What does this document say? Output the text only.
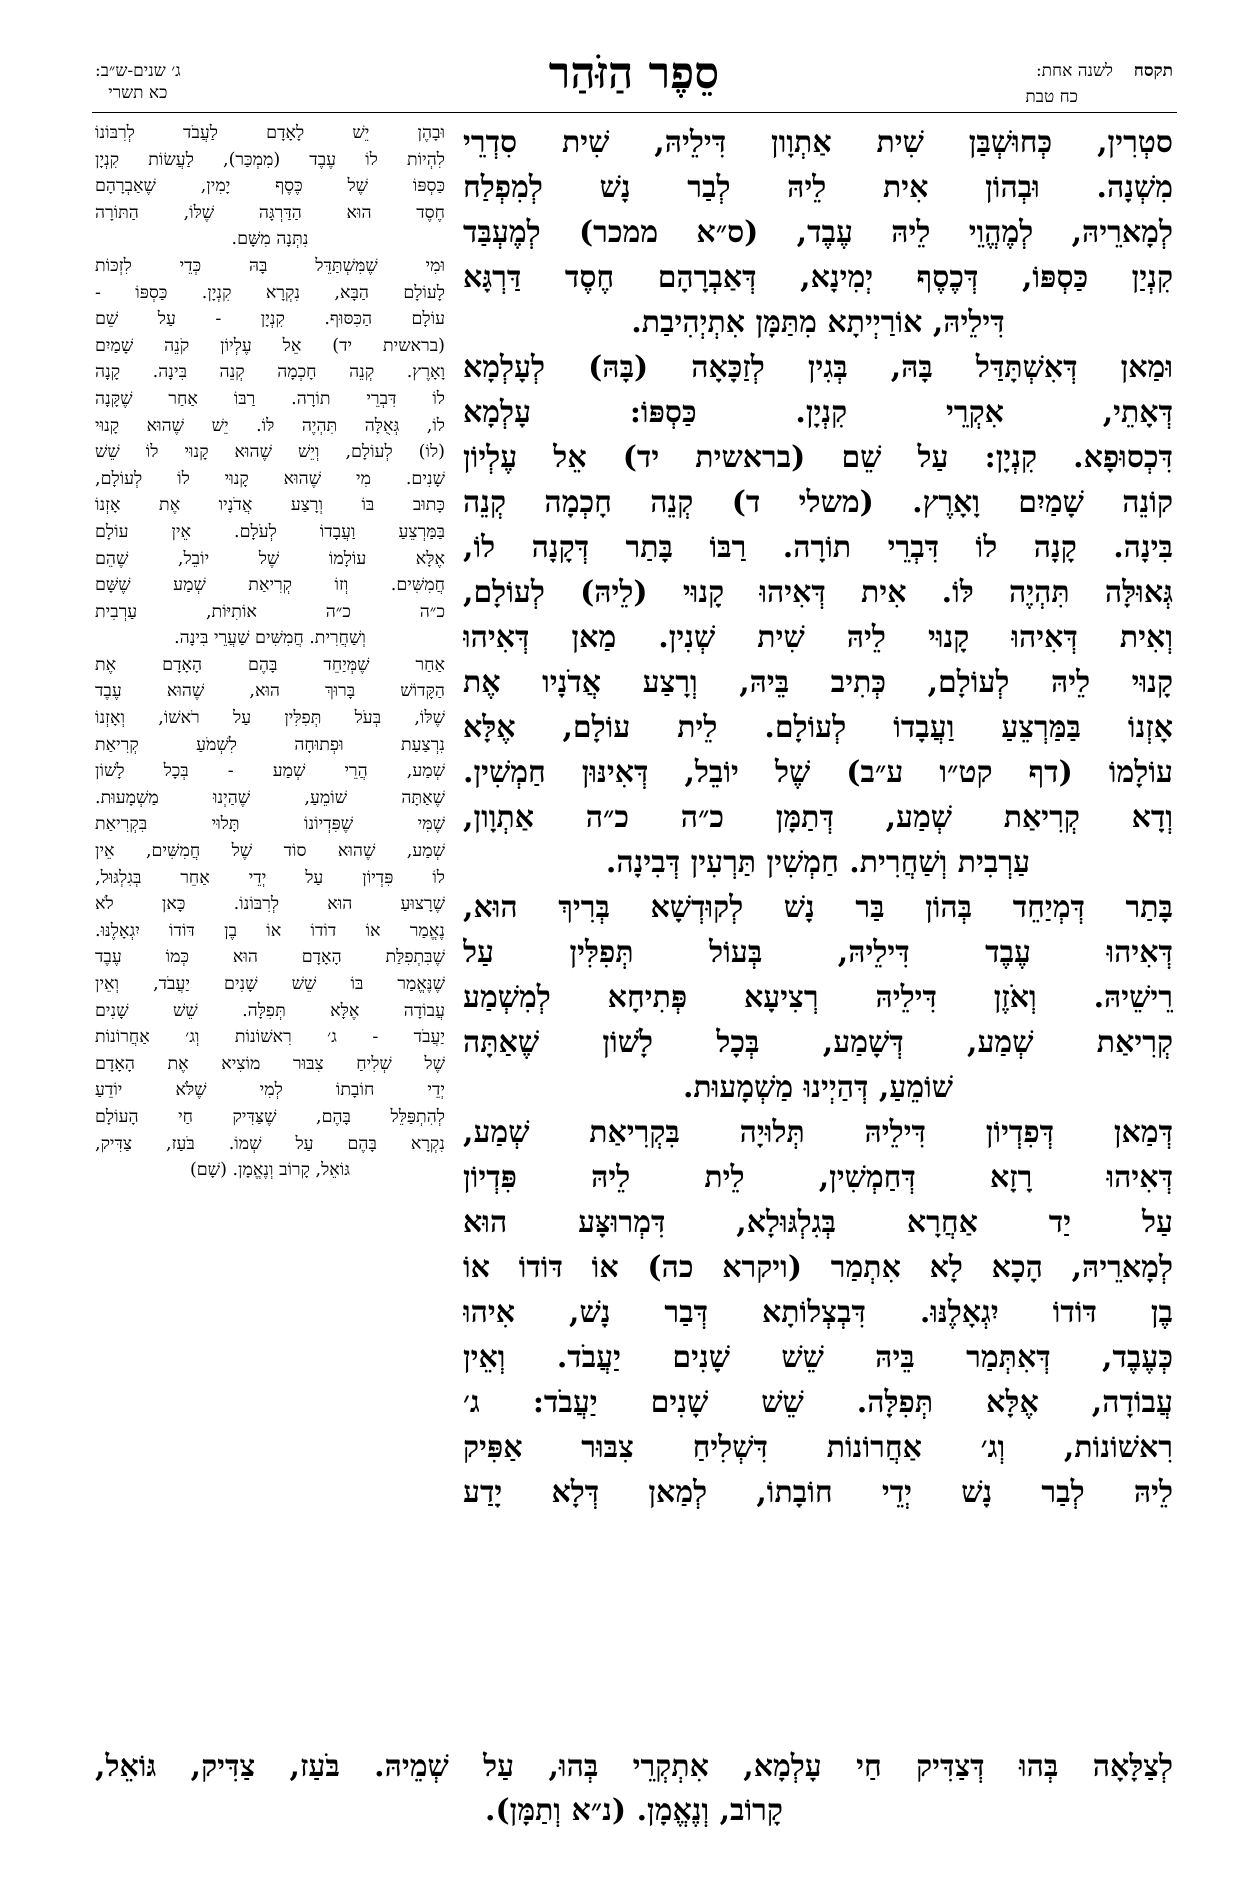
תקסח
לשנה אחת:
כח טבת
סֵפֶר הַזֹּהַר
ג׳ שנים-ש״ב:
כא תשרי
סטְרִין, כְּחוּשְׁבַּן שִׁית אַתְוָון דִּילֵיהּ, שִׁית סִדְרֵי
מִשְׁנָה. וּבְהוֹן אִית לֵיהּ לְבַר נָשׁ לְמִפְלַח
לְמָארֵיהּ, לְמֶהֱוֵי לֵיהּ עֶבֶד, (ס״א ממכר) לְמֶעְבַּד
קִנְיַן כַּסְפּוֹ, דְּכֶסֶף יְמִינָא, דְּאַבְרָהָם חֶסֶד דַּרְגָּא
דִּילֵיהּ, אוֹרַיְיתָא מִתַּמָּן אִתְיְהִיבַת.
וּמַאן דְּאִשְׁתָּדַּל בָּהּ, בְּגִין לְזַכָּאָה (בָּהּ) לְעָלְמָא
דְּאָתֵי, אִקְרֵי קִנְיָן. כַּסְפּוֹ: עָלְמָא
דִּכְסוּפָא. קִנְיָן: עַל שֵׁם (בראשית יד) אֵל עֶלְיוֹן
קוֹנֵה שָׁמַיִם וָאָרֶץ. (משלי ד) קְנֵה חָכְמָה קְנֵה
בִּינָה. קָנָה לוֹ דִּבְרֵי תוֹרָה. רַבּוֹ בָּתַר דְּקָנָה לוֹ,
גְּאוּלָּה תִּהְיֶה לּוֹ. אִית דְּאִיהוּ קָנוּי (לֵיהּ) לְעוֹלָם,
וְאִית דְּאִיהוּ קָנוּי לֵיהּ שִׁית שְׁנִין. מַאן דְּאִיהוּ
קָנוּי לֵיהּ לְעוֹלָם, כְּתִיב בֵּיהּ, וְרָצַע אֲדֹנָיו אֶת
אָזְנוֹ בַּמַּרְצֵעַ וַעֲבָדוֹ לְעוֹלָם. לֵית עוֹלָם, אֶלָּא
עוֹלָמוֹ (דף קט״ו ע״ב) שֶׁל יוֹבֵל, דְּאִינּוּן חַמְשִׁין.
וְדָא קְרִיאַת שְׁמַע, דְּתַמָּן כ״ה כ״ה אַתְוָון,
עַרְבִית וְשַׁחֲרִית. חַמְשִׁין תַּרְעִין דְּבִינָה.
בָּתַר דְּמְיַחֵד בְּהוֹן בַּר נָשׁ לְקוּדְשָׁא בְּרִיךְ הוּא,
דְּאִיהוּ עֶבֶד דִּילֵיהּ, בְּעוֹל תְּפִלִּין עַל
רֵישֵׁיהּ. וְאֹזֶן דִּילֵיהּ רְצִיעָא פְּתִיחָא לְמִשְׁמַע
קְרִיאַת שְׁמַע, דְּשָׁמַע, בְּכָל לָשׁוֹן שֶׁאַתָּה
שׁוֹמֵעַ, דְּהַיְינוּ מַשְׁמָעוּת.
דְּמַאן דְּפִדְיוֹן דִּילֵיהּ תְּלוּיָה בִּקְרִיאַת שְׁמַע,
דְּאִיהוּ רָזָא דְּחַמְשִׁין, לֵית לֵיהּ פִּדְיוֹן
עַל יַד אַחֲרָא בְּגִלְגּוּלָא, דִּמְרוּצָּע הוּא
לְמָארֵיהּ, הָכָא לָא אִתְמַר (ויקרא כה) אוֹ דּוֹדוֹ אוֹ
בֶן דּוֹדוֹ יִגְאָלֶנּוּ. דִּבְצְלוֹתָא דְּבַר נָשׁ, אִיהוּ
כְּעֶבֶד, דְּאִתְּמַר בֵּיהּ שֵׁשׁ שָׁנִים יַעֲבֹד. וְאֵין
עֲבוֹדָה, אֶלָּא תְּפִלָּה. שֵׁשׁ שָׁנִים יַעֲבֹד: ג׳
רִאשׁוֹנוֹת, וְג׳ אַחֲרוֹנוֹת דִּשְׁלִיחַ צִבּוּר אַפִּיק
לֵיהּ לְבַר נָשׁ יְדֵי חוֹבָתוֹ, לְמַאן דְּלָא יָדַע
וּבָהֶן יֵשׁ לָאָדָם לַעֲבֹד לְרִבּוֹנוֹ
לִהְיוֹת לוֹ עֶבֶד (מִמְכַּר), לַעֲשׂוֹת קִנְיָן
כַּסְפּוֹ שֶׁל כֶּסֶף יָמִין, שֶׁאַבְרָהָם
חֶסֶד הוּא הַדַּרְגָּה שֶׁלּוֹ, הַתּוֹרָה
נִתְּנָה מִשָּׁם.
וּמִי שֶׁמִּשְׁתַּדֵּל בָּהּ כְּדֵי לִזְכּוֹת
לָעוֹלָם הַבָּא, נִקְרָא קִנְיָן. כַּסְפּוֹ -
עוֹלָם הַכִּסּוּף. קִנְיָן - עַל שֵׁם
(בראשית יד) אֵל עֶלְיוֹן קֹנֵה שָׁמַיִם
וָאָרֶץ. קְנֵה חָכְמָה קְנֵה בִּינָה. קָנָה
לוֹ דִּבְרֵי תוֹרָה. רַבּוֹ אַחַר שֶׁקָּנָה
לוֹ, גְּאֻלָּה תִּהְיֶה לּוֹ. יֵשׁ שֶׁהוּא קָנוּי
(לוֹ) לְעוֹלָם, וְיֵשׁ שֶׁהוּא קָנוּי לוֹ שֵׁשׁ
שָׁנִים. מִי שֶׁהוּא קָנוּי לוֹ לְעוֹלָם,
כָּתוּב בּוֹ וְרָצַע אֲדֹנָיו אֶת אָזְנוֹ
בַּמַּרְצֵעַ וַעֲבָדוֹ לְעֹלָם. אֵין עוֹלָם
אֶלָּא עוֹלָמוֹ שֶׁל יוֹבֵל, שֶׁהֵם
חֲמִשִּׁים. וְזוֹ קְרִיאַת שְׁמַע שֶׁשָּׁם
כ״ה כ״ה אוֹתִיּוֹת, עַרְבִית
וְשַׁחֲרִית. חֲמִשִּׁים שַׁעֲרֵי בִּינָה.
אַחַר שֶׁמְּיַחֵד בָּהֶם הָאָדָם אֶת
הַקָּדוֹשׁ בָּרוּךְ הוּא, שֶׁהוּא עֶבֶד
שֶׁלּוֹ, בְּעֹל תְּפִלִּין עַל רֹאשׁוֹ, וְאָזְנוֹ
נִרְצַעַת וּפְתוּחָה לִשְׁמֹעַ קְרִיאַת
שְׁמַע, הֲרֵי שְׁמַע - בְּכָל לָשׁוֹן
שֶׁאַתָּה שׁוֹמֵעַ, שֶׁהַיְנוּ מַשְׁמָעוּת.
שֶׁמִּי שֶׁפִּדְיוֹנוֹ תָּלוּי בִּקְרִיאַת
שְׁמַע, שֶׁהוּא סוֹד שֶׁל חֲמִשִּׁים, אֵין
לוֹ פִּדְיוֹן עַל יְדֵי אַחֵר בְּגִלְגּוּל,
שֶׁרָצוּעַ הוּא לְרִבּוֹנוֹ. כָּאן לֹא
נֶאֱמַר אוֹ דוֹדוֹ אוֹ בֶן דּוֹדוֹ יִגְאָלֶנּוּ.
שֶׁבִּתְפִלַּת הָאָדָם הוּא כְּמוֹ עֶבֶד
שֶׁנֶּאֱמַר בּוֹ שֵׁשׁ שָׁנִים יַעֲבֹד, וְאֵין
עֲבוֹדָה אֶלָּא תְּפִלָּה. שֵׁשׁ שָׁנִים
יַעֲבֹד - ג׳ רִאשׁוֹנוֹת וְג׳ אַחֲרוֹנוֹת
שֶׁל שְׁלִיחַ צִבּוּר מוֹצִיא אֶת הָאָדָם
יְדֵי חוֹבָתוֹ לְמִי שֶׁלֹּא יוֹדֵעַ
לְהִתְפַּלֵּל בָּהֶם, שֶׁצַּדִּיק חַי הָעוֹלָם
נִקְרָא בָּהֶם עַל שְׁמוֹ. בֹּעַז, צַדִּיק,
גּוֹאֵל, קָרוֹב וְנֶאֱמָן. (שָׁם)
לְצַלָּאָה בְּהוּ דְּצַדִּיק חַי עָלְמָא, אִתְקְרֵי בְּהוּ, עַל שְׁמֵיהּ. בֹּעַז, צַדִּיק, גּוֹאֵל,
קָרוֹב, וְנֶאֱמָן. (נ״א וְתַמָּן).
